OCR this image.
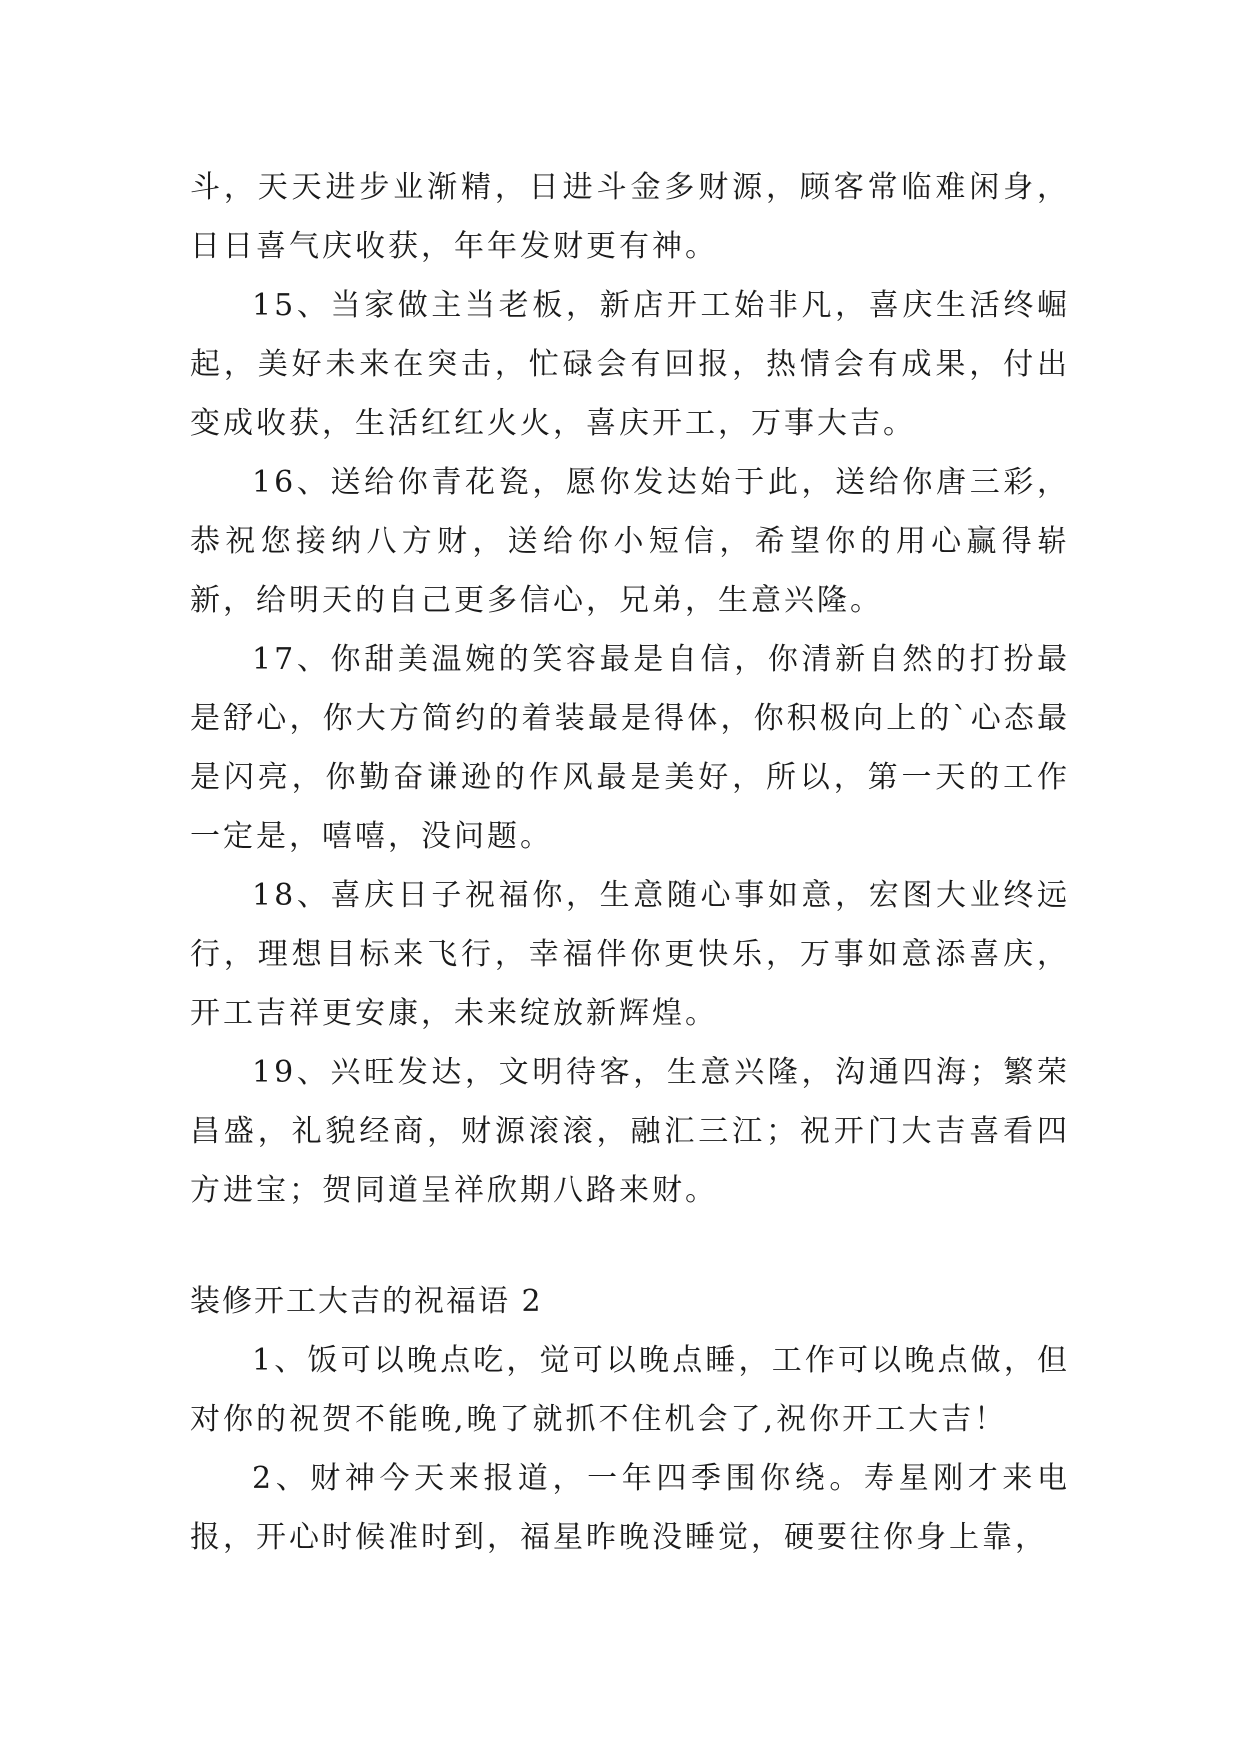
斗，天天进步业渐精，日进斗金多财源，顾客常临难闲身，日日喜气庆收获，年年发财更有神。

15、当家做主当老板，新店开工始非凡，喜庆生活终崛起，美好未来在突击，忙碌会有回报，热情会有成果，付出变成收获，生活红红火火，喜庆开工，万事大吉。

16、送给你青花瓷，愿你发达始于此，送给你唐三彩，恭祝您接纳八方财，送给你小短信，希望你的用心赢得崭新，给明天的自己更多信心，兄弟，生意兴隆。

17、你甜美温婉的笑容最是自信，你清新自然的打扮最是舒心，你大方简约的着装最是得体，你积极向上的`心态最是闪亮，你勤奋谦逊的作风最是美好，所以，第一天的工作一定是，嘻嘻，没问题。

18、喜庆日子祝福你，生意随心事如意，宏图大业终远行，理想目标来飞行，幸福伴你更快乐，万事如意添喜庆，开工吉祥更安康，未来绽放新辉煌。

19、兴旺发达，文明待客，生意兴隆，沟通四海；繁荣昌盛，礼貌经商，财源滚滚，融汇三江；祝开门大吉喜看四方进宝；贺同道呈祥欣期八路来财。

装修开工大吉的祝福语 2

1、饭可以晚点吃，觉可以晚点睡，工作可以晚点做，但对你的祝贺不能晚,晚了就抓不住机会了,祝你开工大吉！

2、财神今天来报道，一年四季围你绕。寿星刚才来电报，开心时候准时到，福星昨晚没睡觉，硬要往你身上靠，
